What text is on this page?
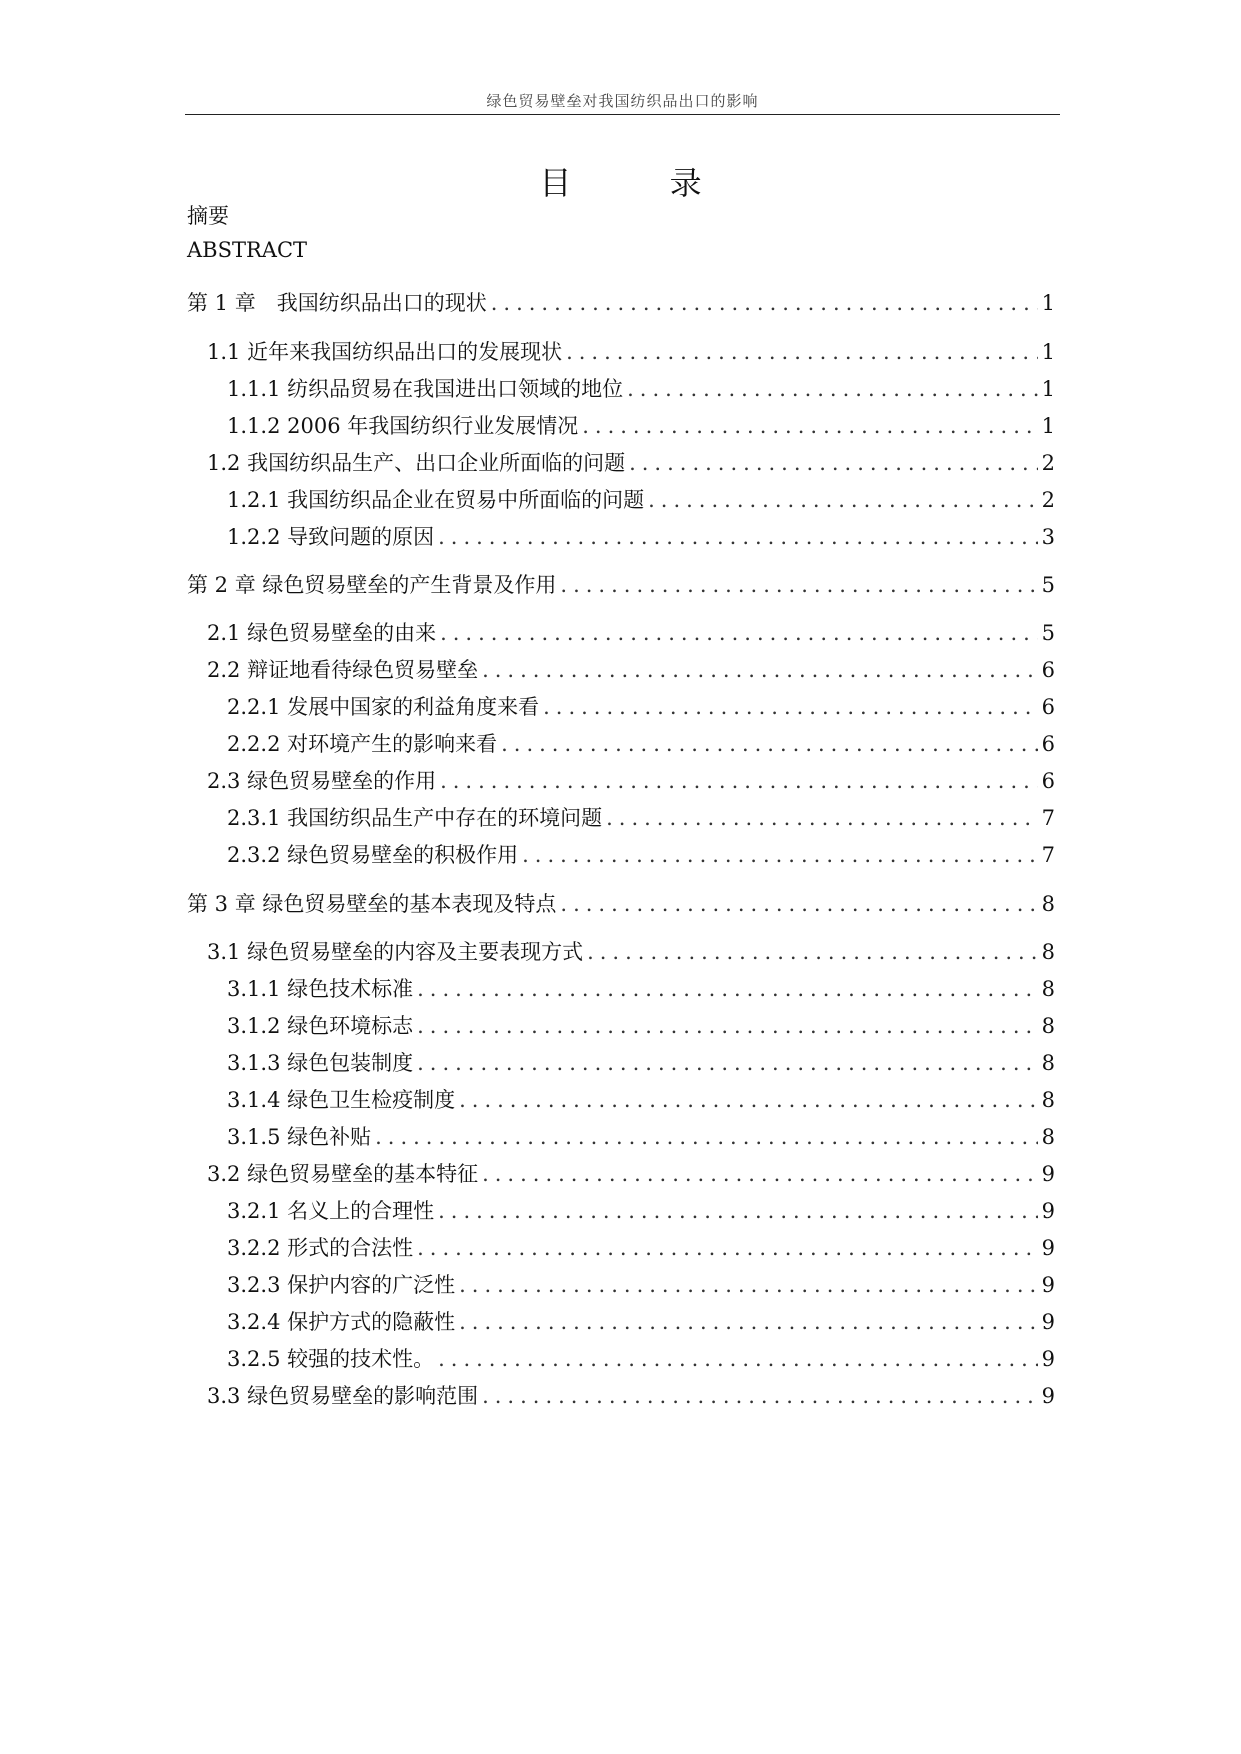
绿色贸易壁垒对我国纺织品出口的影响
目 录
摘要
ABSTRACT
第 1 章　我国纺织品出口的现状 .....	1
1.1 近年来我国纺织品出口的发展现状 .....	1
1.1.1 纺织品贸易在我国进出口领域的地位 .....	1
1.1.2 2006 年我国纺织行业发展情况 .....	1
1.2 我国纺织品生产、出口企业所面临的问题 .....	2
1.2.1 我国纺织品企业在贸易中所面临的问题 .....	2
1.2.2 导致问题的原因 .....	3
第 2 章 绿色贸易壁垒的产生背景及作用 .....	5
2.1 绿色贸易壁垒的由来 .....	5
2.2 辩证地看待绿色贸易壁垒 .....	6
2.2.1 发展中国家的利益角度来看 .....	6
2.2.2 对环境产生的影响来看 .....	6
2.3 绿色贸易壁垒的作用 .....	6
2.3.1 我国纺织品生产中存在的环境问题 .....	7
2.3.2 绿色贸易壁垒的积极作用 .....	7
第 3 章 绿色贸易壁垒的基本表现及特点 .....	8
3.1 绿色贸易壁垒的内容及主要表现方式 .....	8
3.1.1 绿色技术标准 .....	8
3.1.2 绿色环境标志 .....	8
3.1.3 绿色包装制度 .....	8
3.1.4 绿色卫生检疫制度 .....	8
3.1.5 绿色补贴 .....	8
3.2 绿色贸易壁垒的基本特征 .....	9
3.2.1 名义上的合理性 .....	9
3.2.2 形式的合法性 .....	9
3.2.3 保护内容的广泛性 .....	9
3.2.4 保护方式的隐蔽性 .....	9
3.2.5 较强的技术性。 .....	9
3.3 绿色贸易壁垒的影响范围 .....	9
